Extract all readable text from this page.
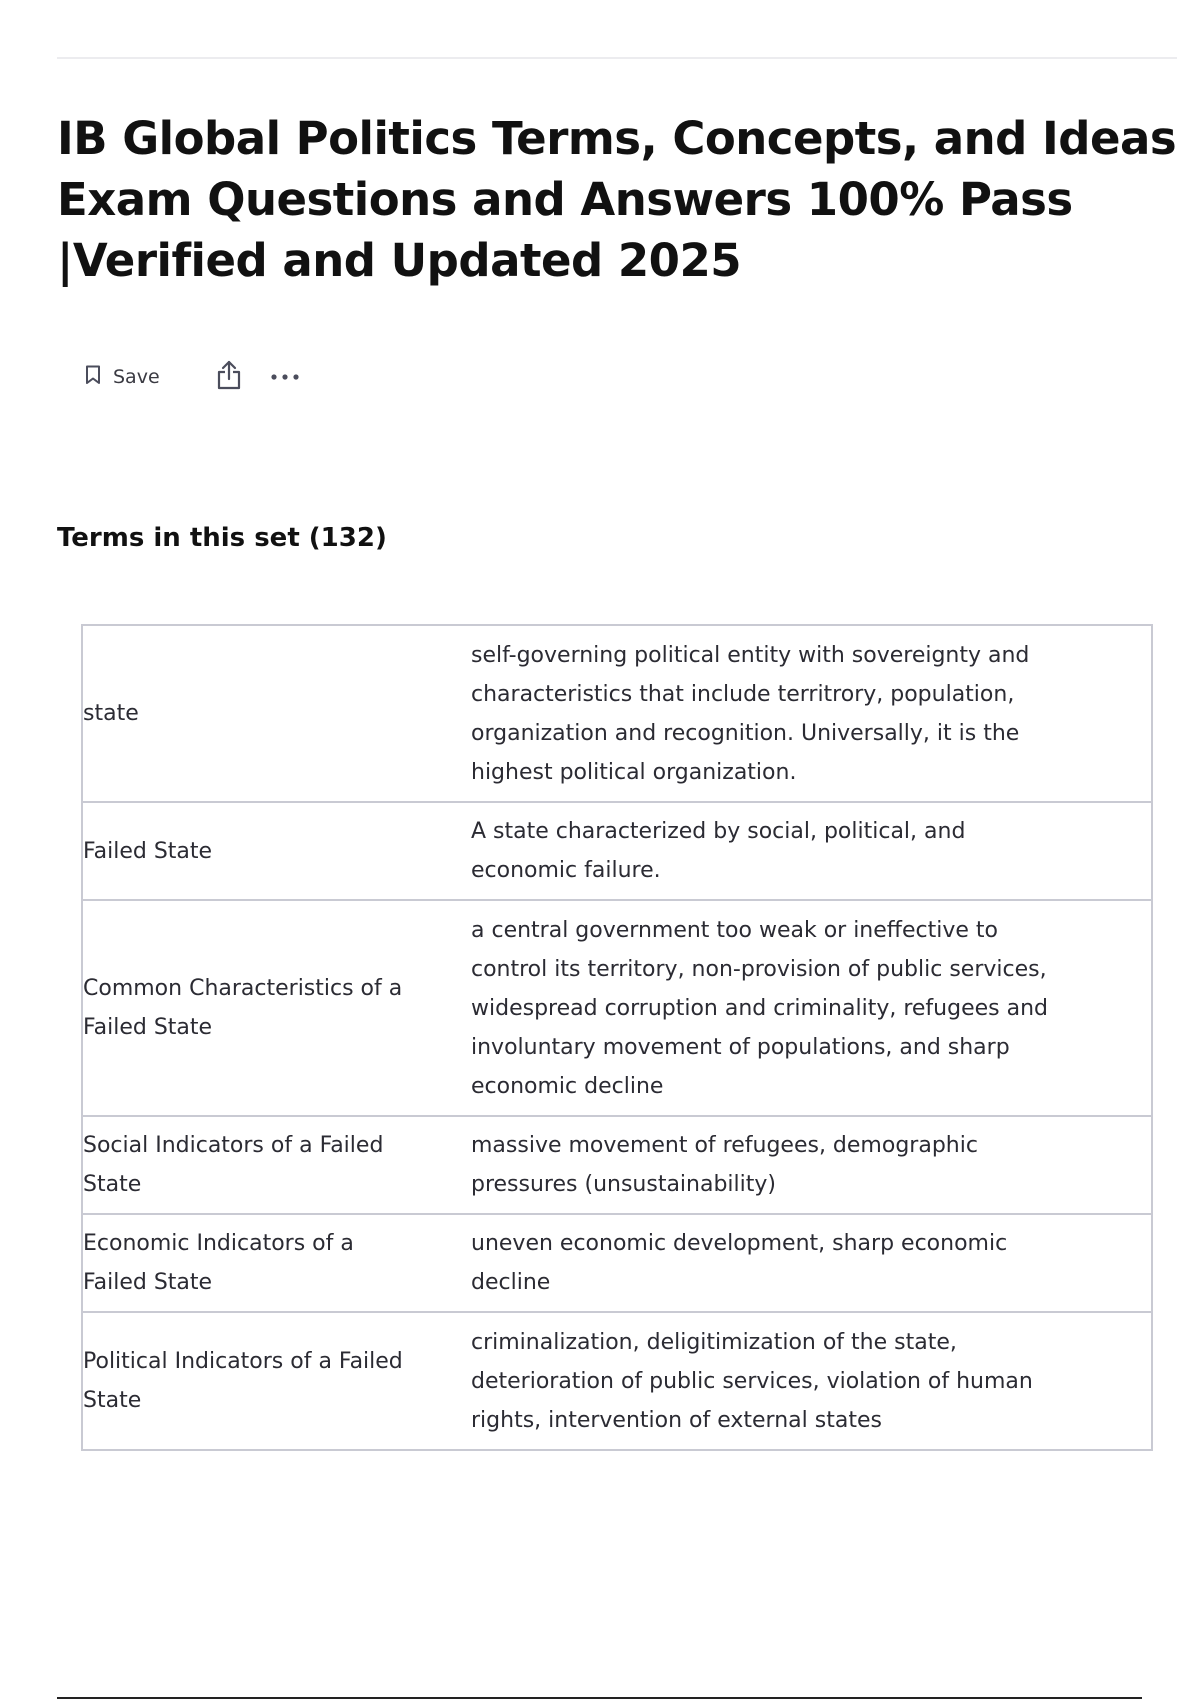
IB Global Politics Terms, Concepts, and Ideas Exam Questions and Answers 100% Pass |Verified and Updated 2025
Save
Terms in this set (132)
state	self-governing political entity with sovereignty and characteristics that include territrory, population, organization and recognition. Universally, it is the highest political organization.
Failed State	A state characterized by social, political, and economic failure.
Common Characteristics of a Failed State	a central government too weak or ineffective to control its territory, non-provision of public services, widespread corruption and criminality, refugees and involuntary movement of populations, and sharp economic decline
Social Indicators of a Failed State	massive movement of refugees, demographic pressures (unsustainability)
Economic Indicators of a Failed State	uneven economic development, sharp economic decline
Political Indicators of a Failed State	criminalization, deligitimization of the state, deterioration of public services, violation of human rights, intervention of external states
